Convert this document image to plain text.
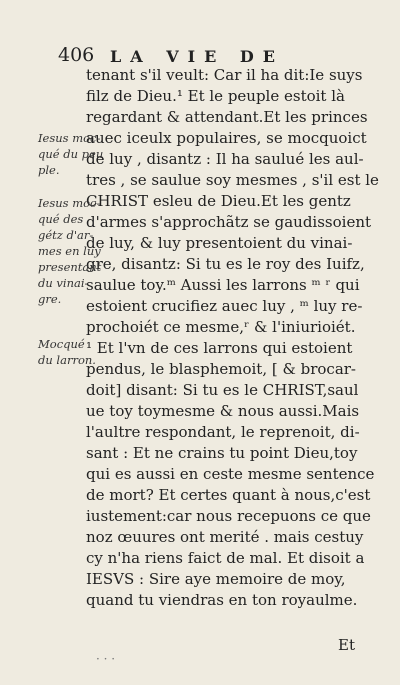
406 LA VIE DE
tenant s'il veult: Car il ha dit:Ie suys
filz de Dieu.¹ Et le peuple estoit là
regardant & attendant.Et les princes
auec iceulx populaires, se mocquoict
de luy , disantz : Il ha saulué les aul-
tres , se saulue soy mesmes , s'il est le
CHRIST esleu de Dieu.Et les gentz
d'armes s'approchãtz se gaudissoient
de luy, & luy presentoient du vinai-
gre, disantz: Si tu es le roy des Iuifz,
saulue toy.ᵐ Aussi les larrons ᵐ ʳ qui
estoient crucifiez auec luy , ᵐ luy re-
prochoiét ce mesme,ʳ & l'iniurioiét.
¹ Et l'vn de ces larrons qui estoient
pendus, le blasphemoit, [ & brocar-
doit] disant: Si tu es le CHRIST,saul
ue toy toymesme & nous aussi.Mais
l'aultre respondant, le reprenoit, di-
sant : Et ne crains tu point Dieu,toy
qui es aussi en ceste mesme sentence
de mort? Et certes quant à nous,c'est
iustement:car nous recepuons ce que
noz œuures ont merité . mais cestuy
cy n'ha riens faict de mal. Et disoit a
IESVS : Sire aye memoire de moy,
quand tu viendras en ton royaulme.
Iesus moc-
qué du peu
ple.
Iesus moc-
qué des
gétz d'ar-
mes en luy
presentant
du vinai-
gre.
Mocqué
du larron.
Et
· · ·
